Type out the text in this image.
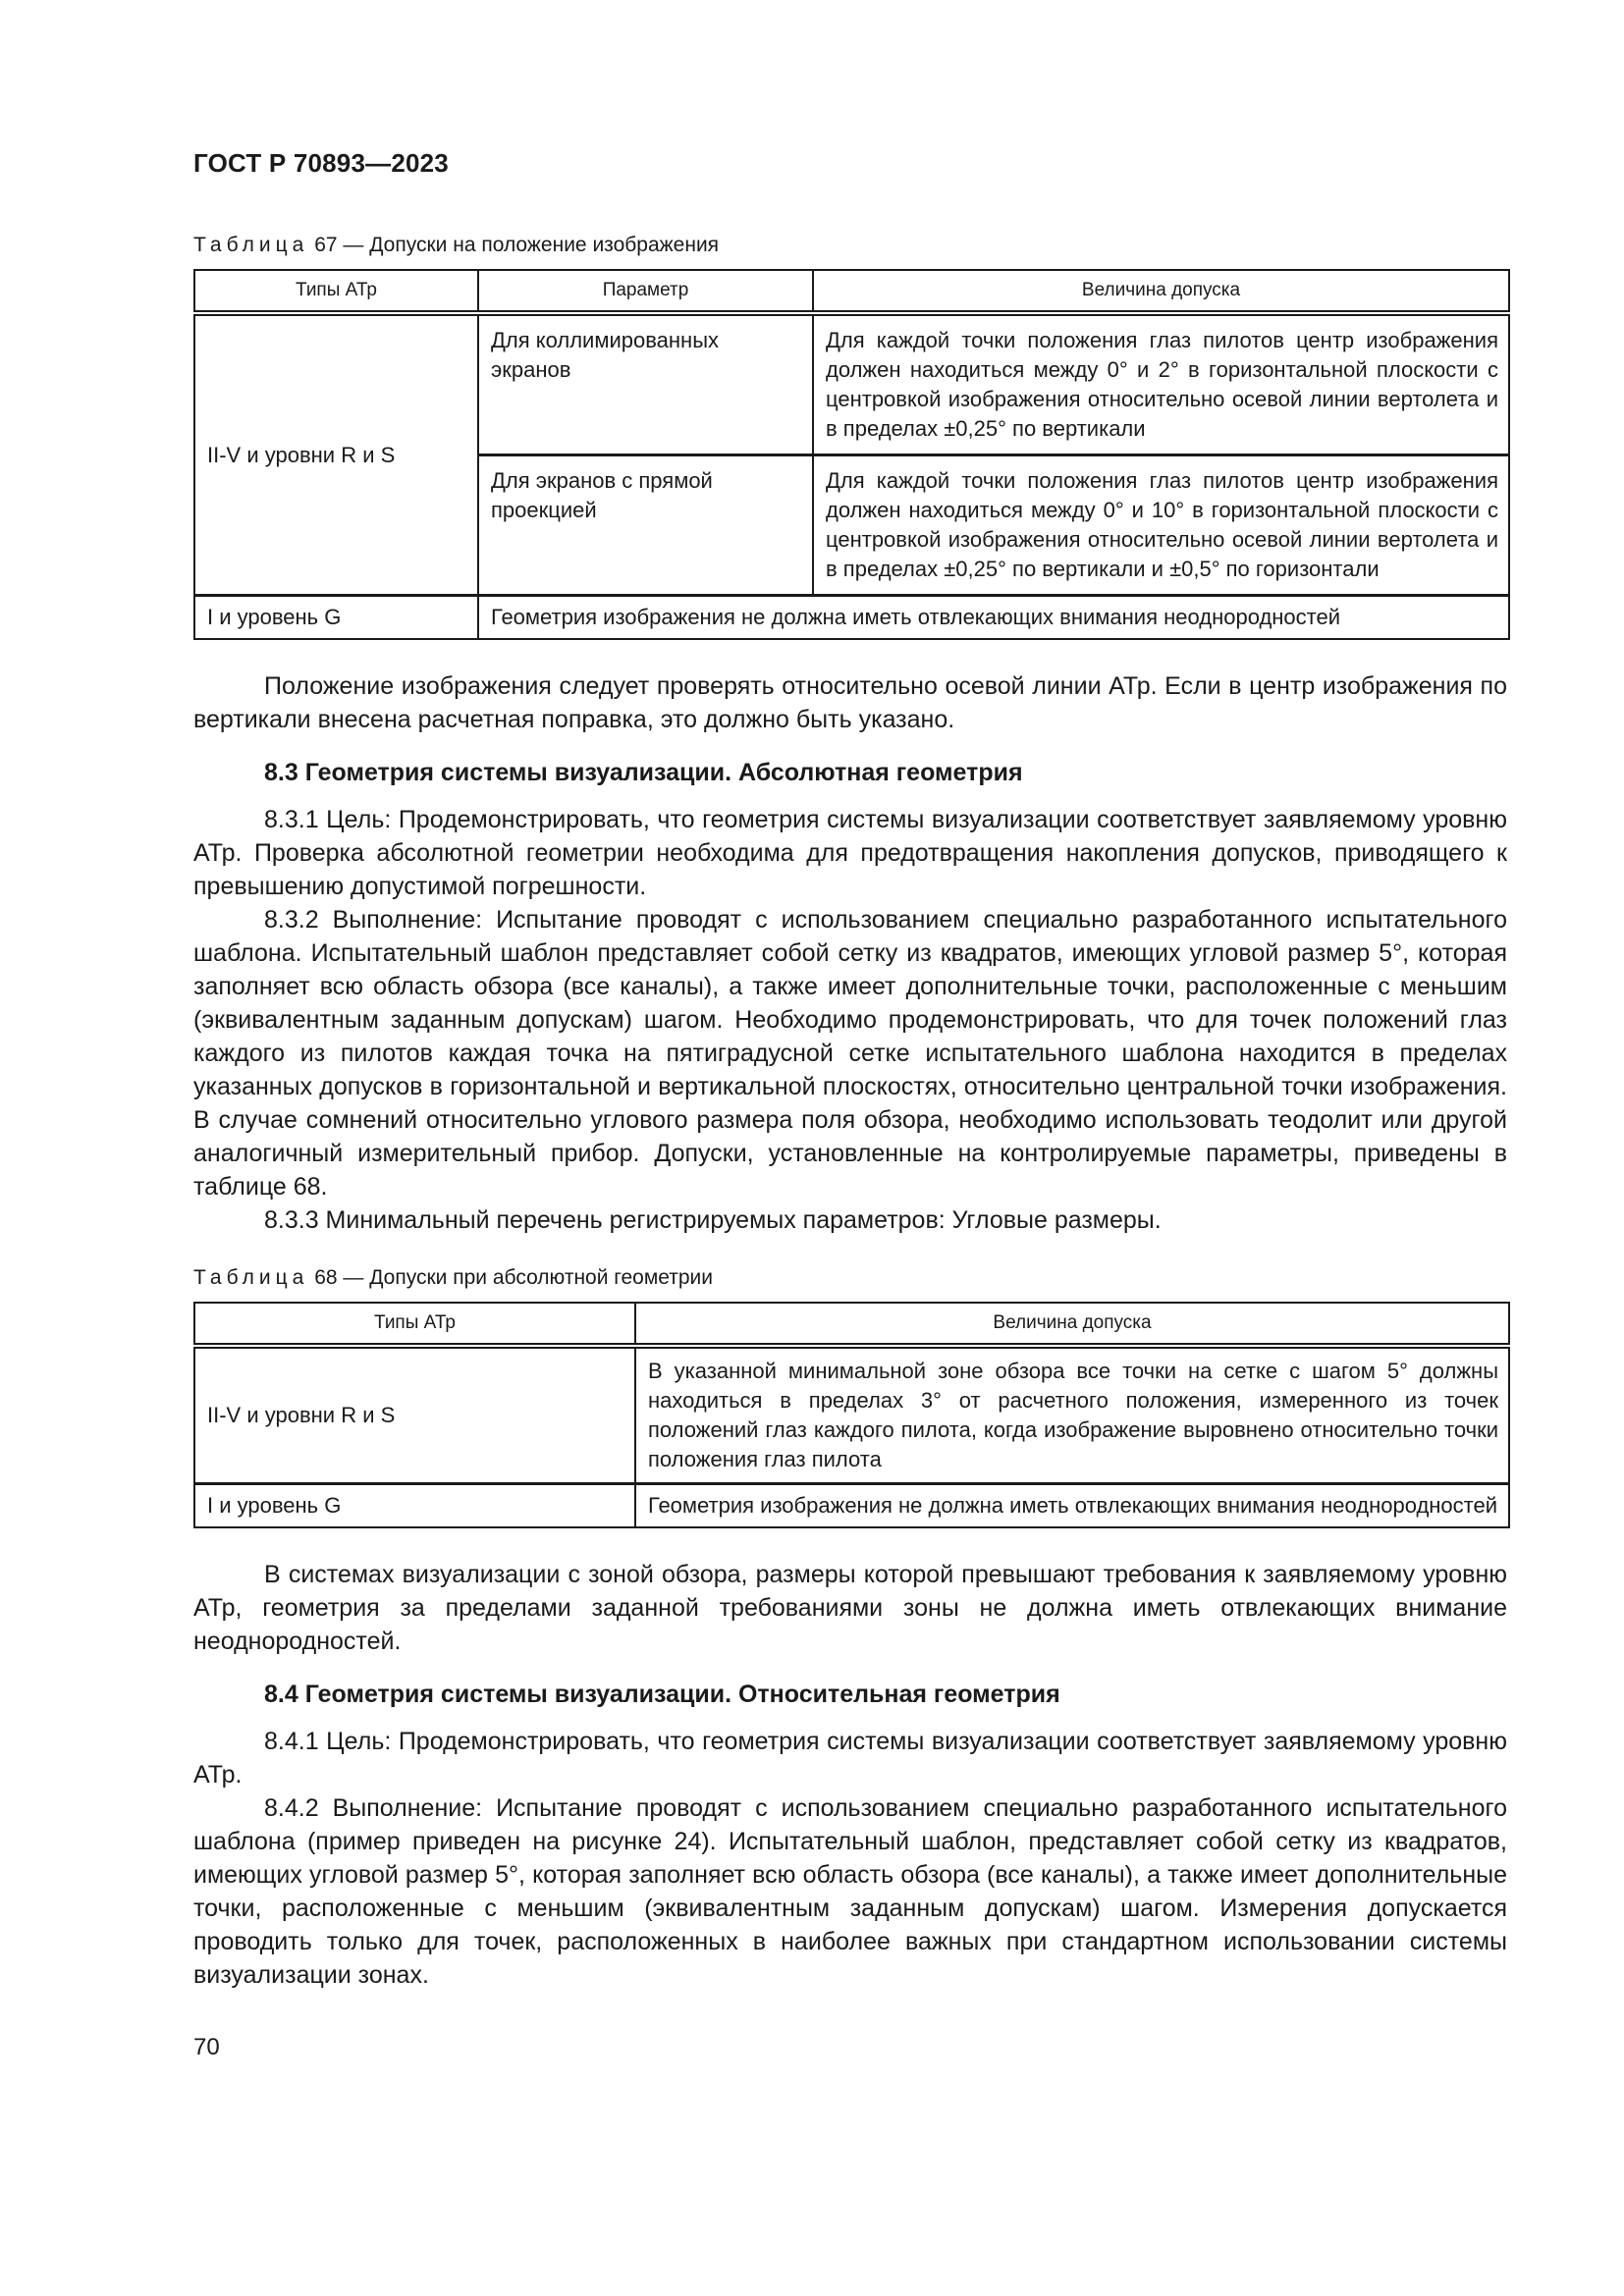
ГОСТ Р 70893—2023
Таблица 67 — Допуски на положение изображения
Типы АТр	Параметр	Величина допуска
II-V и уровни R и S	Для коллимированных экранов	Для каждой точки положения глаз пилотов центр изображения должен находиться между 0° и 2° в горизонтальной плоскости с центровкой изображения относительно осевой линии вертолета и в пределах ±0,25° по вертикали
	Для экранов с прямой проекцией	Для каждой точки положения глаз пилотов центр изображения должен находиться между 0° и 10° в горизонтальной плоскости с центровкой изображения относительно осевой линии вертолета и в пределах ±0,25° по вертикали и ±0,5° по горизонтали
I и уровень G	Геометрия изображения не должна иметь отвлекающих внимания неоднородностей	

Положение изображения следует проверять относительно осевой линии АТр. Если в центр изображения по вертикали внесена расчетная поправка, это должно быть указано.

8.3 Геометрия системы визуализации. Абсолютная геометрия

8.3.1 Цель: Продемонстрировать, что геометрия системы визуализации соответствует заявляемому уровню АТр. Проверка абсолютной геометрии необходима для предотвращения накопления допусков, приводящего к превышению допустимой погрешности.

8.3.2 Выполнение: Испытание проводят с использованием специально разработанного испытательного шаблона. Испытательный шаблон представляет собой сетку из квадратов, имеющих угловой размер 5°, которая заполняет всю область обзора (все каналы), а также имеет дополнительные точки, расположенные с меньшим (эквивалентным заданным допускам) шагом. Необходимо продемонстрировать, что для точек положений глаз каждого из пилотов каждая точка на пятиградусной сетке испытательного шаблона находится в пределах указанных допусков в горизонтальной и вертикальной плоскостях, относительно центральной точки изображения. В случае сомнений относительно углового размера поля обзора, необходимо использовать теодолит или другой аналогичный измерительный прибор. Допуски, установленные на контролируемые параметры, приведены в таблице 68.

8.3.3 Минимальный перечень регистрируемых параметров: Угловые размеры.

Таблица 68 — Допуски при абсолютной геометрии
Типы АТр	Величина допуска
II-V и уровни R и S	В указанной минимальной зоне обзора все точки на сетке с шагом 5° должны находиться в пределах 3° от расчетного положения, измеренного из точек положений глаз каждого пилота, когда изображение выровнено относительно точки положения глаз пилота
I и уровень G	Геометрия изображения не должна иметь отвлекающих внимания неоднородностей

В системах визуализации с зоной обзора, размеры которой превышают требования к заявляемому уровню АТр, геометрия за пределами заданной требованиями зоны не должна иметь отвлекающих внимание неоднородностей.

8.4 Геометрия системы визуализации. Относительная геометрия

8.4.1 Цель: Продемонстрировать, что геометрия системы визуализации соответствует заявляемому уровню АТр.

8.4.2 Выполнение: Испытание проводят с использованием специально разработанного испытательного шаблона (пример приведен на рисунке 24). Испытательный шаблон, представляет собой сетку из квадратов, имеющих угловой размер 5°, которая заполняет всю область обзора (все каналы), а также имеет дополнительные точки, расположенные с меньшим (эквивалентным заданным допускам) шагом. Измерения допускается проводить только для точек, расположенных в наиболее важных при стандартном использовании системы визуализации зонах.

70
